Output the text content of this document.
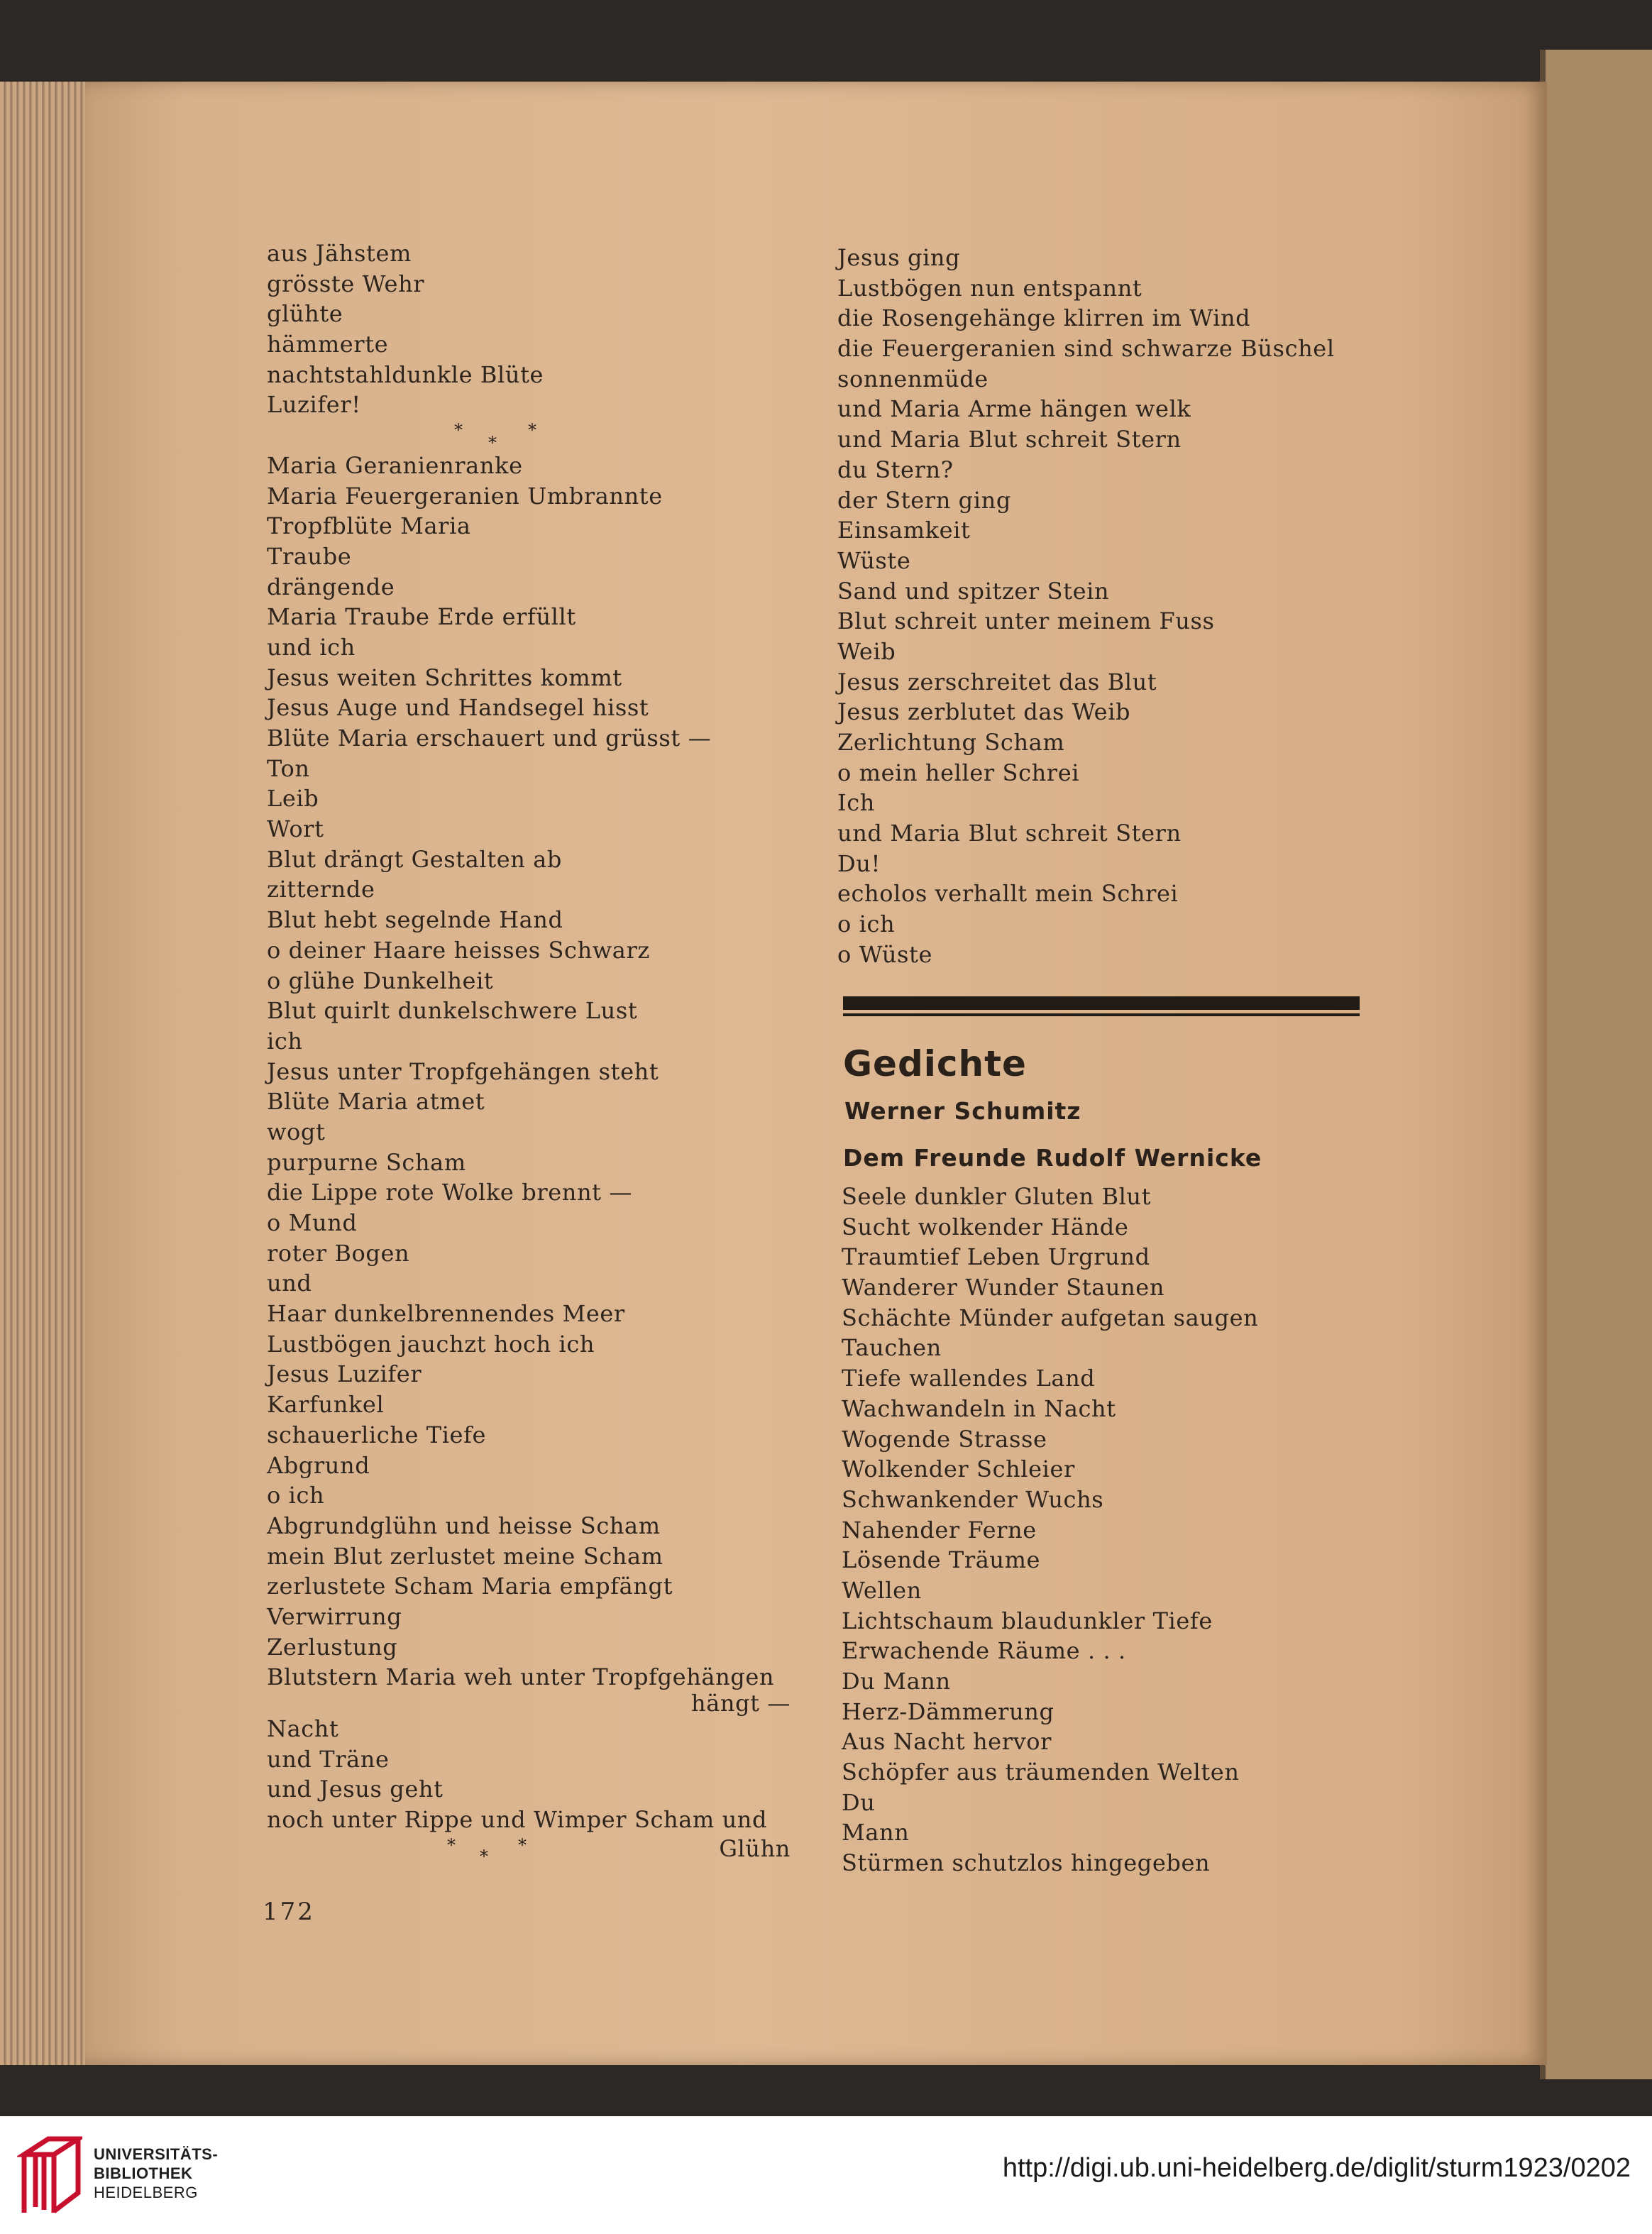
aus Jähstem
grösste Wehr
glühte
hämmerte
nachtstahldunkle Blüte
Luzifer!
*	*
*
Maria Geranienranke
Maria Feuergeranien Umbrannte
Tropfblüte Maria
Traube
drängende
Maria Traube Erde erfüllt
und ich
Jesus weiten Schrittes kommt
Jesus Auge und Handsegel hisst
Blüte Maria erschauert und grüsst —
Ton
Leib
Wort
Blut drängt Gestalten ab
zitternde
Blut hebt segelnde Hand
o deiner Haare heisses Schwarz
o glühe Dunkelheit
Blut quirlt dunkelschwere Lust
ich
Jesus unter Tropfgehängen steht
Blüte Maria atmet
wogt
purpurne Scham
die Lippe rote Wolke brennt —
o Mund
roter Bogen
und
Haar dunkelbrennendes Meer
Lustbögen jauchzt hoch ich
Jesus Luzifer
Karfunkel
schauerliche Tiefe
Abgrund
o ich
Abgrundglühn und heisse Scham
mein Blut zerlustet meine Scham
zerlustete Scham Maria empfängt
Verwirrung
Zerlustung
Blutstern Maria weh unter Tropfgehängen
hängt —
Nacht
und Träne
und Jesus geht
noch unter Rippe und Wimper Scham und
*	*
*	Glühn
Jesus ging
Lustbögen nun entspannt
die Rosengehänge klirren im Wind
die Feuergeranien sind schwarze Büschel
sonnenmüde
und Maria Arme hängen welk
und Maria Blut schreit Stern
du Stern?
der Stern ging
Einsamkeit
Wüste
Sand und spitzer Stein
Blut schreit unter meinem Fuss
Weib
Jesus zerschreitet das Blut
Jesus zerblutet das Weib
Zerlichtung Scham
o mein heller Schrei
Ich
und Maria Blut schreit Stern
Du!
echolos verhallt mein Schrei
o ich
o Wüste
Gedichte
Werner Schumitz
Dem Freunde Rudolf Wernicke
Seele dunkler Gluten Blut
Sucht wolkender Hände
Traumtief Leben Urgrund
Wanderer Wunder Staunen
Schächte Münder aufgetan saugen
Tauchen
Tiefe wallendes Land
Wachwandeln in Nacht
Wogende Strasse
Wolkender Schleier
Schwankender Wuchs
Nahender Ferne
Lösende Träume
Wellen
Lichtschaum blaudunkler Tiefe
Erwachende Räume . . .
Du Mann
Herz-Dämmerung
Aus Nacht hervor
Schöpfer aus träumenden Welten
Du
Mann
Stürmen schutzlos hingegeben
172
UNIVERSITÄTS-
BIBLIOTHEK
HEIDELBERG
http://digi.ub.uni-heidelberg.de/diglit/sturm1923/0202
